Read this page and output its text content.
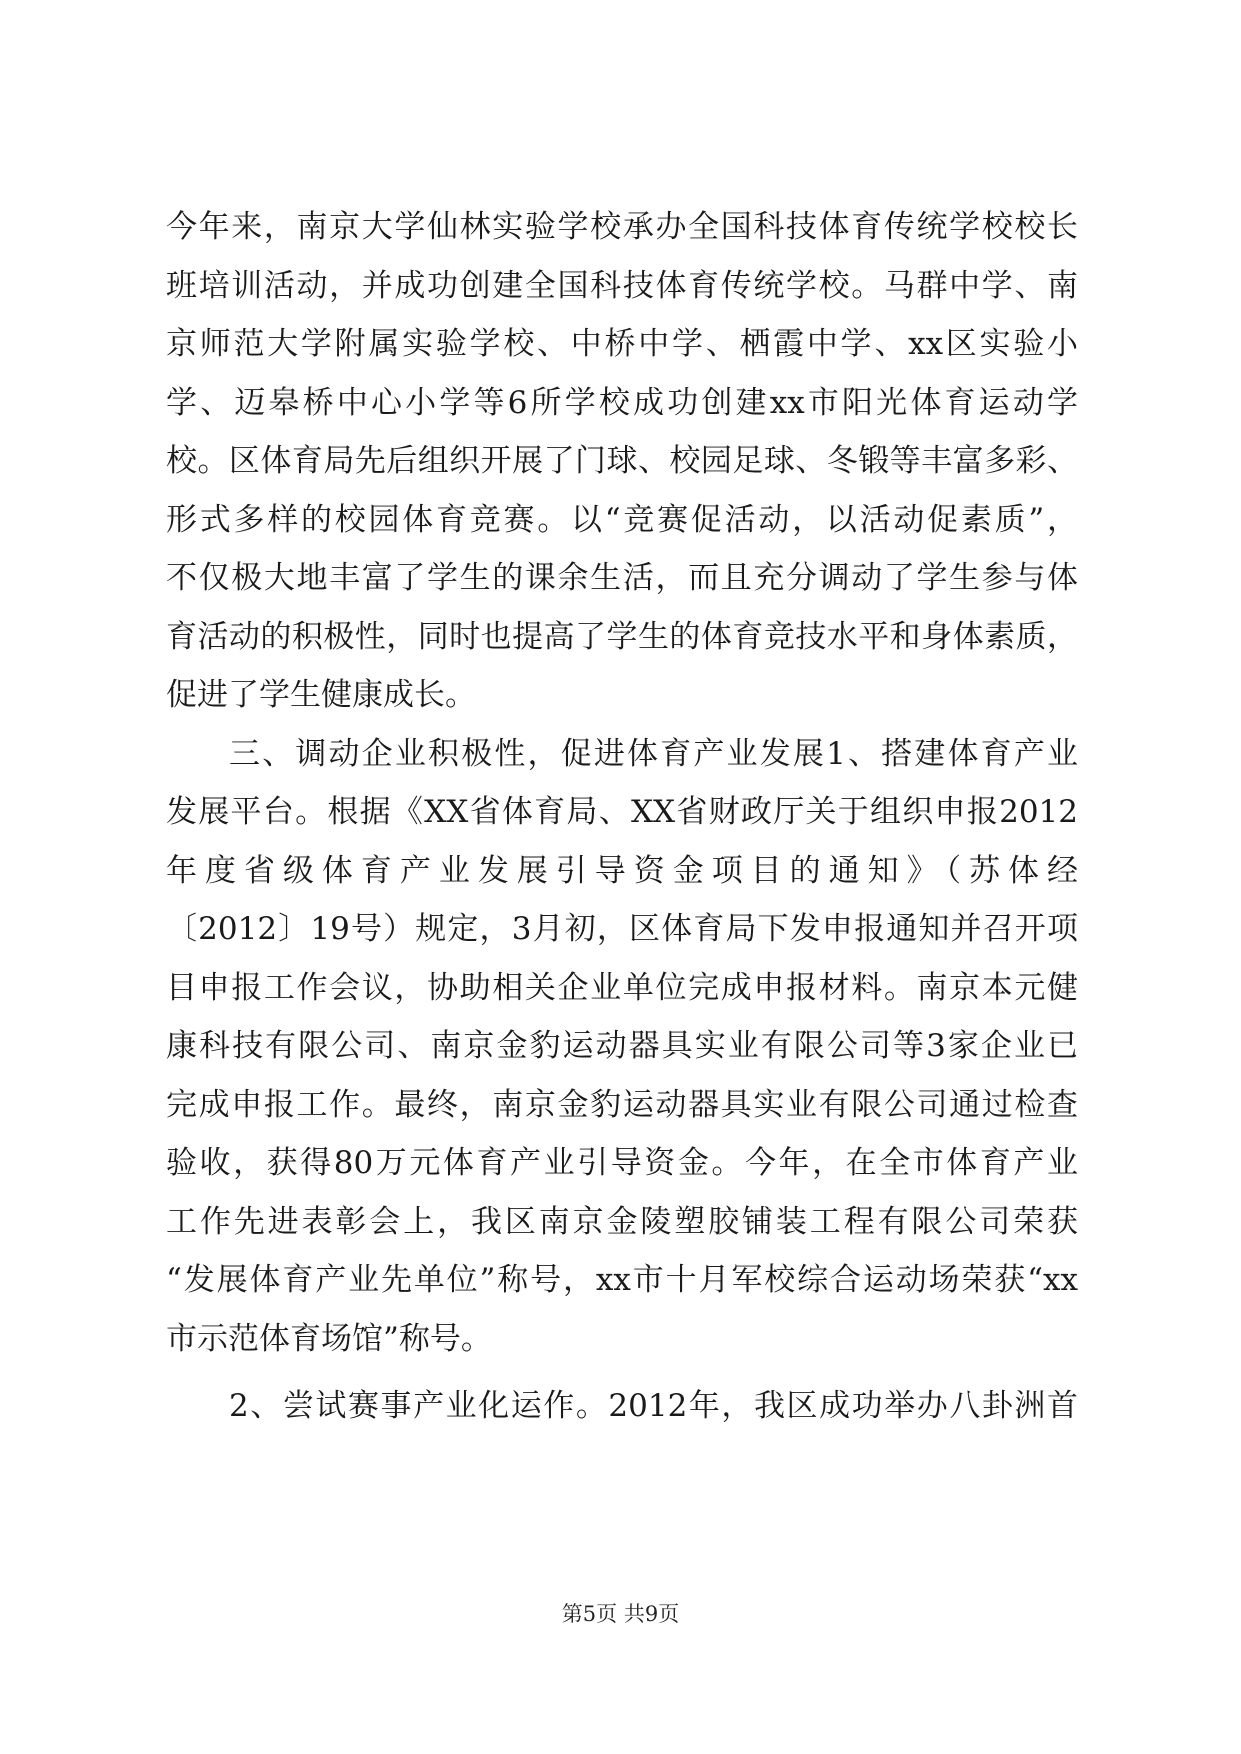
今年来，南京大学仙林实验学校承办全国科技体育传统学校校长
班培训活动，并成功创建全国科技体育传统学校。马群中学、南
京师范大学附属实验学校、中桥中学、栖霞中学、xx区实验小
学、迈皋桥中心小学等6所学校成功创建xx市阳光体育运动学
校。区体育局先后组织开展了门球、校园足球、冬锻等丰富多彩、
形式多样的校园体育竞赛。以“竞赛促活动，以活动促素质”，
不仅极大地丰富了学生的课余生活，而且充分调动了学生参与体
育活动的积极性，同时也提高了学生的体育竞技水平和身体素质，
促进了学生健康成长。
三、调动企业积极性，促进体育产业发展1、搭建体育产业
发展平台。根据《XX省体育局、XX省财政厅关于组织申报2012
年度省级体育产业发展引导资金项目的通知》（苏体经
〔2012〕19号）规定，3月初，区体育局下发申报通知并召开项
目申报工作会议，协助相关企业单位完成申报材料。南京本元健
康科技有限公司、南京金豹运动器具实业有限公司等3家企业已
完成申报工作。最终，南京金豹运动器具实业有限公司通过检查
验收，获得80万元体育产业引导资金。今年，在全市体育产业
工作先进表彰会上，我区南京金陵塑胶铺装工程有限公司荣获
“发展体育产业先单位”称号，xx市十月军校综合运动场荣获“xx
市示范体育场馆”称号。
2、尝试赛事产业化运作。2012年，我区成功举办八卦洲首
第5页 共9页
